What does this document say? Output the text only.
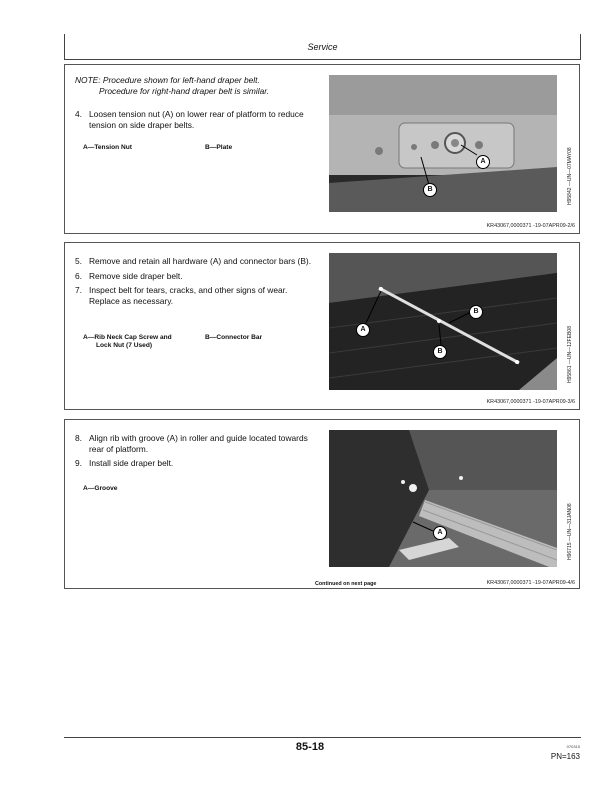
Service
NOTE: Procedure shown for left-hand draper belt.
Procedure for right-hand draper belt is similar.
4. Loosen tension nut (A) on lower rear of platform to reduce tension on side draper belts.
A—Tension Nut	B—Plate
A
B	H95842 —UN—07MAY08
KR43067,0000371 -19-07APR09-2/6
5. Remove and retain all hardware (A) and connector bars (B).
6. Remove side draper belt.
7. Inspect belt for tears, cracks, and other signs of wear. Replace as necessary.
A—Rib Neck Cap Screw and
Lock Nut (7 Used)
B—Connector Bar
A
B
B	H95861 —UN—12FEB08
KR43067,0000371 -19-07APR09-3/6
8. Align rib with groove (A) in roller and guide located towards rear of platform.
9. Install side draper belt.
A—Groove
A	H96715 —UN—31JAN08
Continued on next page	KR43067,0000371 -19-07APR09-4/6
85-18	070315
PN=163
